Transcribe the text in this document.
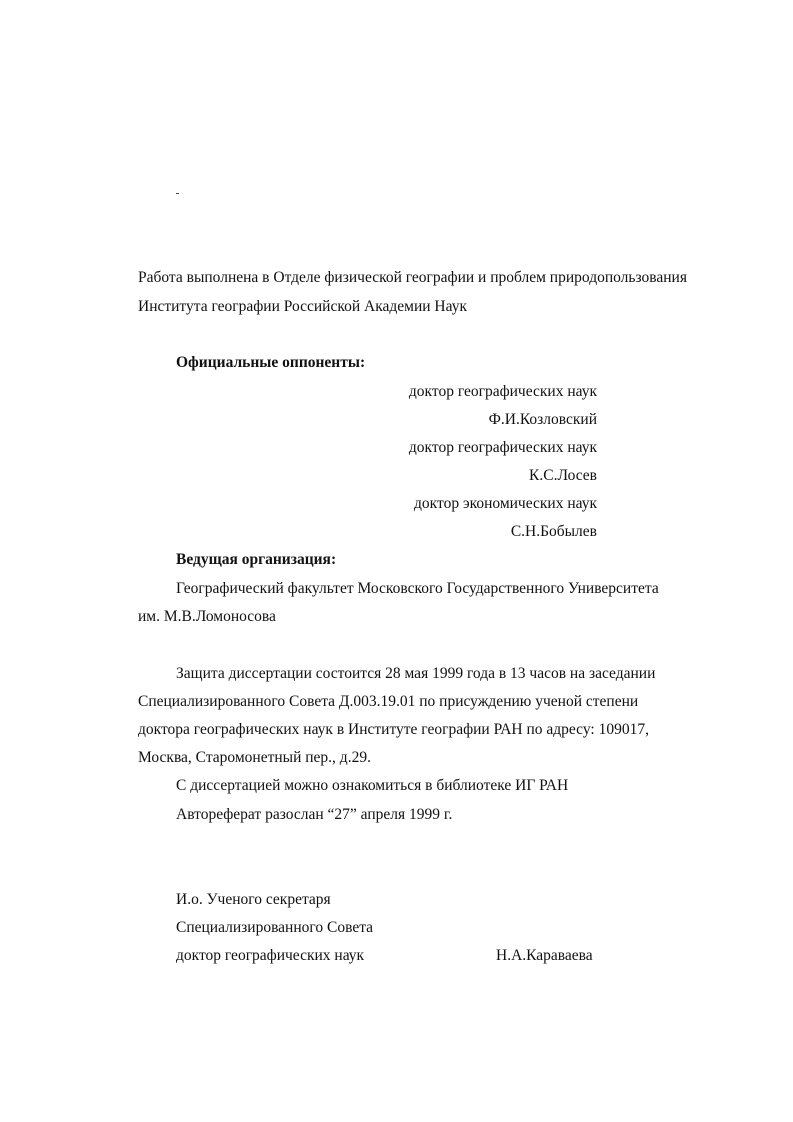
Работа выполнена в Отделе физической географии и проблем природопользования
Института географии Российской Академии Наук
Официальные оппоненты:
доктор географических наук
Ф.И.Козловский
доктор географических наук
К.С.Лосев
доктор экономических наук
С.Н.Бобылев
Ведущая организация:
Географический факультет Московского Государственного Университета
им. М.В.Ломоносова
Защита диссертации состоится 28 мая 1999 года в 13 часов на заседании
Специализированного Совета Д.003.19.01 по присуждению ученой степени
доктора географических наук в Институте географии РАН по адресу: 109017,
Москва, Старомонетный пер., д.29.
С диссертацией можно ознакомиться в библиотеке ИГ РАН
Автореферат разослан “27” апреля 1999 г.
И.о. Ученого секретаря
Специализированного Совета
доктор географических наук	Н.А.Караваева
